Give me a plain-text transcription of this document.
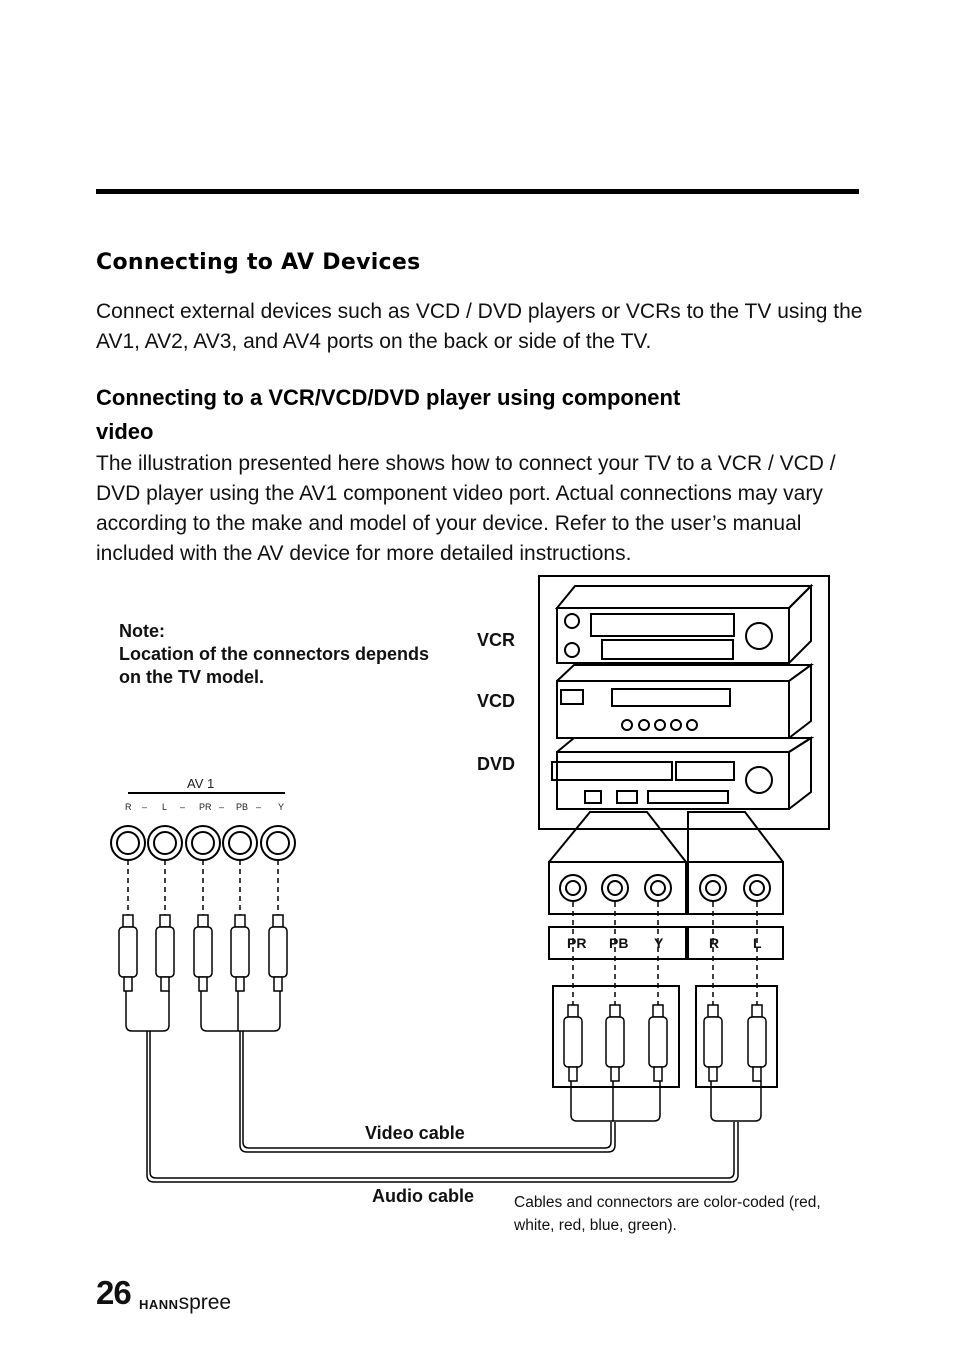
Connecting to AV Devices
Connect external devices such as VCD / DVD players or VCRs to the TV using the AV1, AV2, AV3, and AV4 ports on the back or side of the TV.
Connecting to a VCR/VCD/DVD player using component video
The illustration presented here shows how to connect your TV to a VCR / VCD / DVD player using the AV1 component video port. Actual connections may vary according to the make and model of your device. Refer to the user’s manual included with the AV device for more detailed instructions.
Note:
Location of the connectors depends on the TV model.
VCR
VCD
DVD
AV 1
R	L	PR	PB	Y
–	–	–	–
PR PB Y	R L
Video cable
Audio cable	Cables and connectors are color-coded (red, white, red, blue, green).
26 HANNspree
